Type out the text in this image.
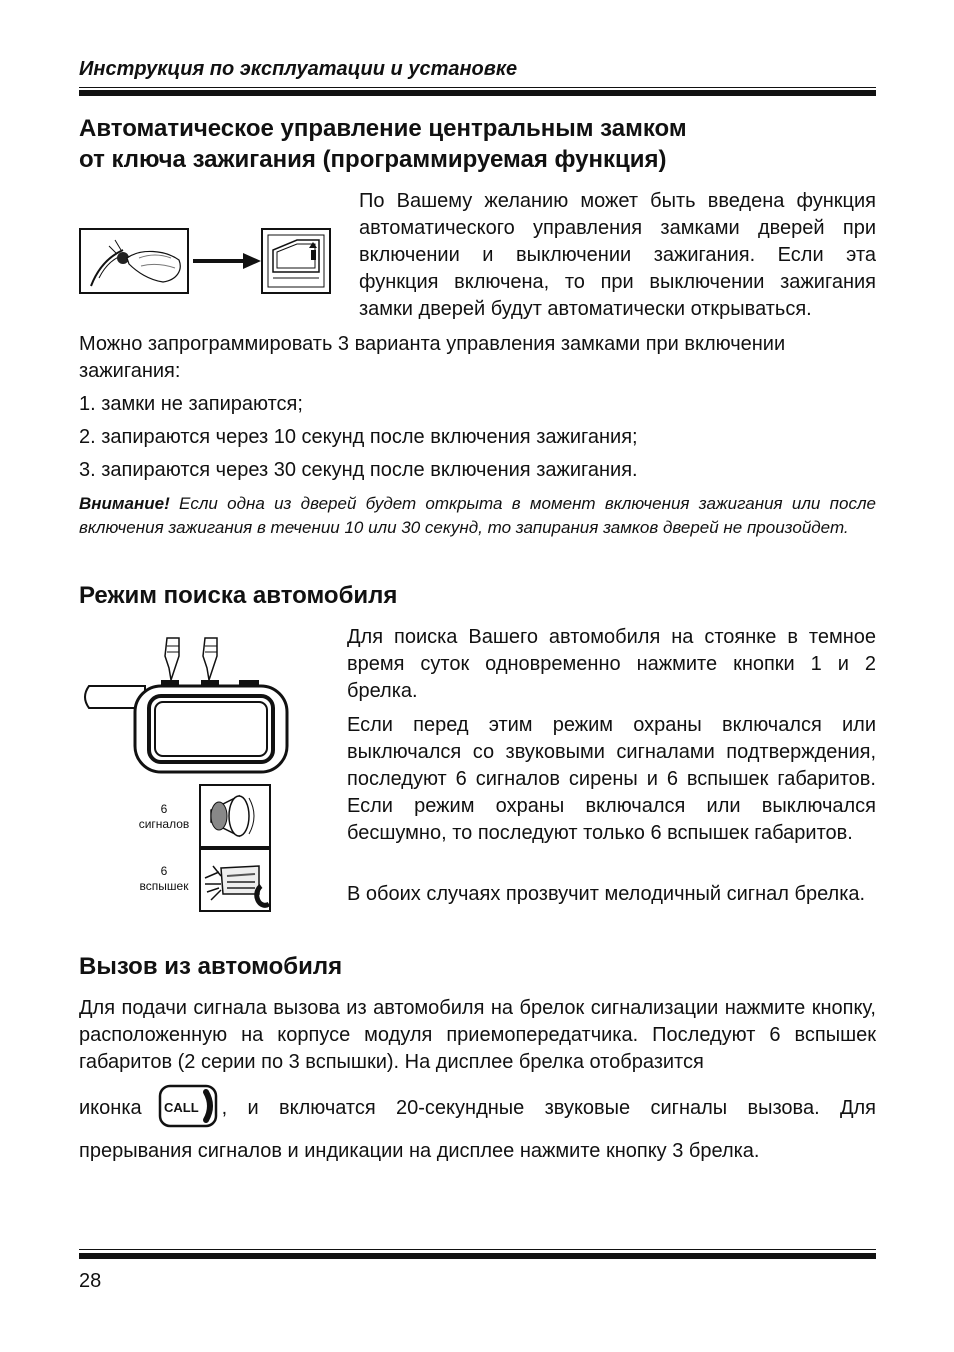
Инструкция по эксплуатации и установке
Автоматическое управление центральным замком
от ключа зажигания (программируемая функция)
По Вашему желанию может быть введена функция автоматического управления замками дверей при включении и выключении зажигания. Если эта функция включена, то при выключении зажигания замки дверей будут автоматически открываться.
Можно запрограммировать 3 варианта управления замками при включении зажигания:
1. замки не запираются;
2. запираются через 10 секунд после включения зажигания;
3. запираются через 30 секунд после включения зажигания.
Внимание! Если одна из дверей будет открыта в момент включения зажигания или после включения зажигания в течении 10 или 30 секунд, то запирания замков дверей не произойдет.
Режим поиска автомобиля
6
сигналов
6
вспышек
Для поиска Вашего автомобиля на стоянке в темное время суток одновременно нажмите кнопки 1 и 2 брелка.
Если перед этим режим охраны включался или выключался со звуковыми сигналами подтверждения, последуют 6 сигналов сирены и 6 вспышек габаритов. Если режим охраны включался или выключался бесшумно, то последуют только 6 вспышек габаритов.
В обоих случаях прозвучит мелодичный сигнал брелка.
Вызов из автомобиля
Для подачи сигнала вызова из автомобиля на брелок сигнализации нажмите кнопку, расположенную на корпусе модуля приемопередатчика. Последуют 6 вспышек габаритов (2 серии по 3 вспышки). На дисплее брелка отобразится
иконка CALL , и включатся 20-секундные звуковые сигналы вызова. Для
прерывания сигналов и индикации на дисплее нажмите кнопку 3 брелка.
28
